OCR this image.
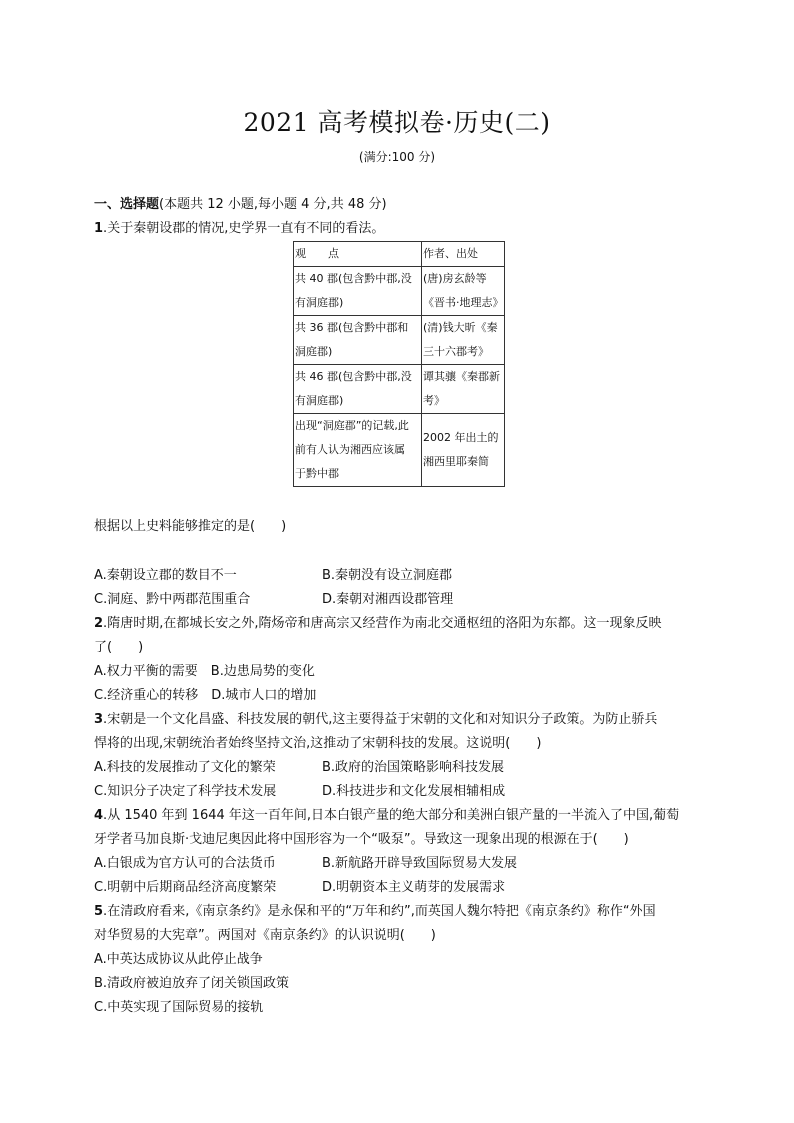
2021 高考模拟卷·历史(二)
(满分:100 分)
一、选择题(本题共 12 小题,每小题 4 分,共 48 分)
1.关于秦朝设郡的情况,史学界一直有不同的看法。
观　　点	作者、出处

共 40 郡(包含黔中郡,没
有洞庭郡)	(唐)房玄龄等
《晋书·地理志》

共 36 郡(包含黔中郡和
洞庭郡)	(清)钱大昕《秦
三十六郡考》

共 46 郡(包含黔中郡,没
有洞庭郡)	谭其骧《秦郡新
考》

出现“洞庭郡”的记载,此
前有人认为湘西应该属
于黔中郡	2002 年出土的
湘西里耶秦简
根据以上史料能够推定的是(　　)
A.秦朝设立郡的数目不一	B.秦朝没有设立洞庭郡
C.洞庭、黔中两郡范围重合	D.秦朝对湘西设郡管理
2.隋唐时期,在都城长安之外,隋炀帝和唐高宗又经营作为南北交通枢纽的洛阳为东都。这一现象反映
了(　　)
A.权力平衡的需要　B.边患局势的变化
C.经济重心的转移　D.城市人口的增加
3.宋朝是一个文化昌盛、科技发展的朝代,这主要得益于宋朝的文化和对知识分子政策。为防止骄兵
悍将的出现,宋朝统治者始终坚持文治,这推动了宋朝科技的发展。这说明(　　)
A.科技的发展推动了文化的繁荣	B.政府的治国策略影响科技发展
C.知识分子决定了科学技术发展	D.科技进步和文化发展相辅相成
4.从 1540 年到 1644 年这一百年间,日本白银产量的绝大部分和美洲白银产量的一半流入了中国,葡萄
牙学者马加良斯·戈迪尼奥因此将中国形容为一个“吸泵”。导致这一现象出现的根源在于(　　)
A.白银成为官方认可的合法货币	B.新航路开辟导致国际贸易大发展
C.明朝中后期商品经济高度繁荣	D.明朝资本主义萌芽的发展需求
5.在清政府看来,《南京条约》是永保和平的“万年和约”,而英国人魏尔特把《南京条约》称作“外国
对华贸易的大宪章”。两国对《南京条约》的认识说明(　　)
A.中英达成协议从此停止战争
B.清政府被迫放弃了闭关锁国政策
C.中英实现了国际贸易的接轨
